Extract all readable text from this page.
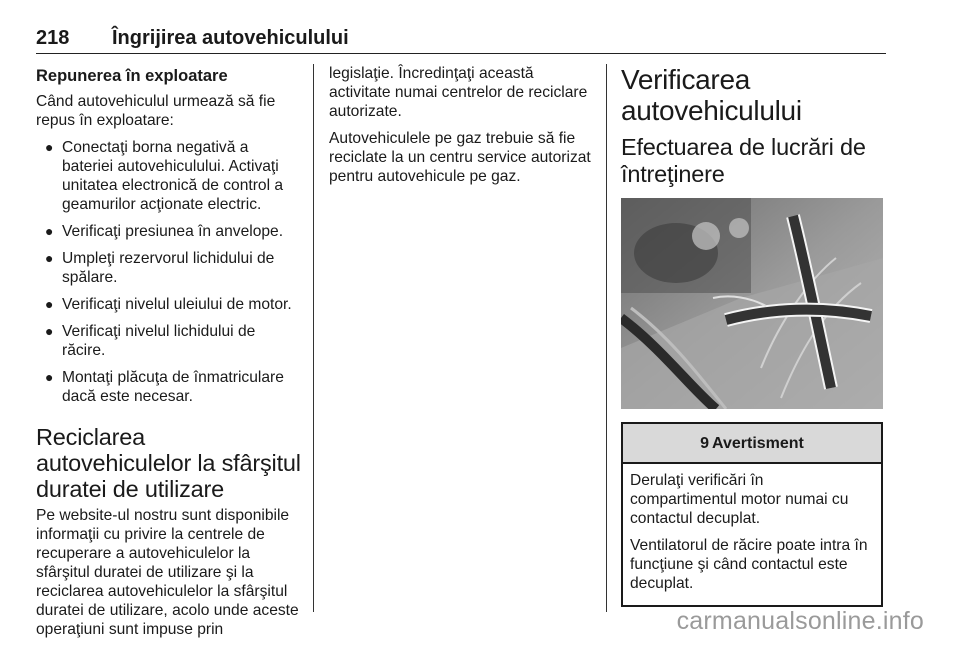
218 Îngrijirea autovehiculului
Repunerea în exploatare

Când autovehiculul urmează să fie repus în exploatare:

● Conectaţi borna negativă a bateriei autovehiculului. Activaţi unitatea electronică de control a geamurilor acţionate electric.
● Verificaţi presiunea în anvelope.
● Umpleţi rezervorul lichidului de spălare.
● Verificaţi nivelul uleiului de motor.
● Verificaţi nivelul lichidului de răcire.
● Montaţi plăcuţa de înmatriculare dacă este necesar.
Reciclarea autovehiculelor la sfârşitul duratei de utilizare

Pe website-ul nostru sunt disponibile informaţii cu privire la centrele de recuperare a autovehiculelor la sfârşitul duratei de utilizare şi la reciclarea autovehiculelor la sfârşitul duratei de utilizare, acolo unde aceste operaţiuni sunt impuse prin

legislaţie. Încredinţaţi această activitate numai centrelor de reciclare autorizate.

Autovehiculele pe gaz trebuie să fie reciclate la un centru service autorizat pentru autovehicule pe gaz.

Verificarea autovehiculului
Efectuarea de lucrări de întreţinere
9 Avertisment

Derulaţi verificări în compartimentul motor numai cu contactul decuplat.

Ventilatorul de răcire poate intra în funcţiune şi când contactul este decuplat.

carmanualsonline.info
